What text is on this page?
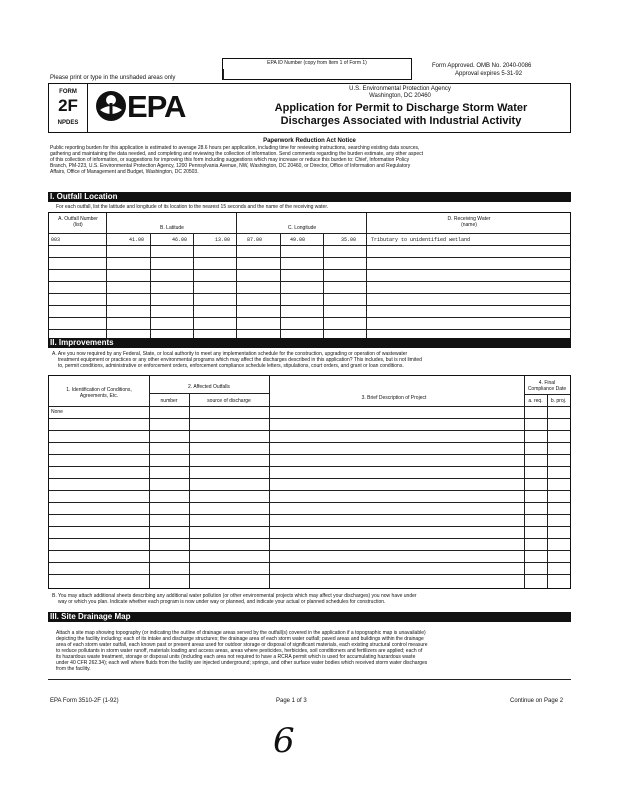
Please print or type in the unshaded areas only
EPA ID Number (copy from Item 1 of Form 1)	Form Approved. OMB No. 2040-0086
Approval expires 5-31-92
FORM
2F
NPDES EPA	U.S. Environmental Protection Agency
Washington, DC 20460
Application for Permit to Discharge Storm Water
Discharges Associated with Industrial Activity
Paperwork Reduction Act Notice
Public reporting burden for this application is estimated to average 28.6 hours per application, including time for reviewing instructions, searching existing data sources,
gathering and maintaining the data needed, and completing and reviewing the collection of information. Send comments regarding the burden estimate, any other aspect
of this collection of information, or suggestions for improving this form including suggestions which may increase or reduce this burden to: Chief, Information Policy
Branch, PM-223, U.S. Environmental Protection Agency, 1200 Pennsylvania Avenue, NW, Washington, DC 20460, or Director, Office of Information and Regulatory
Affairs, Office of Management and Budget, Washington, DC 20503.
I. Outfall Location
For each outfall, list the latitude and longitude of its location to the nearest 15 seconds and the name of the receiving water.
A. Outfall Number
(list)	B. Latitude	C. Longitude
D. Receiving Water
(name)
003	41.00	46.00	13.00	87.00	49.00	35.00	Tributary to unidentified wetland
II. Improvements
A. Are you now required by any Federal, State, or local authority to meet any implementation schedule for the construction, upgrading or operation of wastewater
treatment equipment or practices or any other environmental programs which may affect the discharges described in this application? This includes, but is not limited
to, permit conditions, administrative or enforcement orders, enforcement compliance schedule letters, stipulations, court orders, and grant or loan conditions.
1. Identification of Conditions,
Agreements, Etc.
2. Affected Outfalls
number	source of discharge	3. Brief Description of Project
4. Final
Compliance Date
a. req.	b. proj.
None
B. You may attach additional sheets describing any additional water pollution (or other environmental projects which may affect your discharges) you now have under
way or which you plan. Indicate whether each program is now under way or planned, and indicate your actual or planned schedules for construction.
III. Site Drainage Map
Attach a site map showing topography (or indicating the outline of drainage areas served by the outfall(s) covered in the application if a topographic map is unavailable)
depicting the facility including: each of its intake and discharge structures; the drainage area of each storm water outfall; paved areas and buildings within the drainage
area of each storm water outfall, each known past or present areas used for outdoor storage or disposal of significant materials, each existing structural control measure
to reduce pollutants in storm water runoff, materials loading and access areas, areas where pesticides, herbicides, soil conditioners and fertilizers are applied; each of
its hazardous waste treatment, storage or disposal units (including each area not required to have a RCRA permit which is used for accumulating hazardous waste
under 40 CFR 262.34); each well where fluids from the facility are injected underground; springs, and other surface water bodies which received storm water discharges
from the facility.
EPA Form 3510-2F (1-92)	Page 1 of 3	Continue on Page 2
6
